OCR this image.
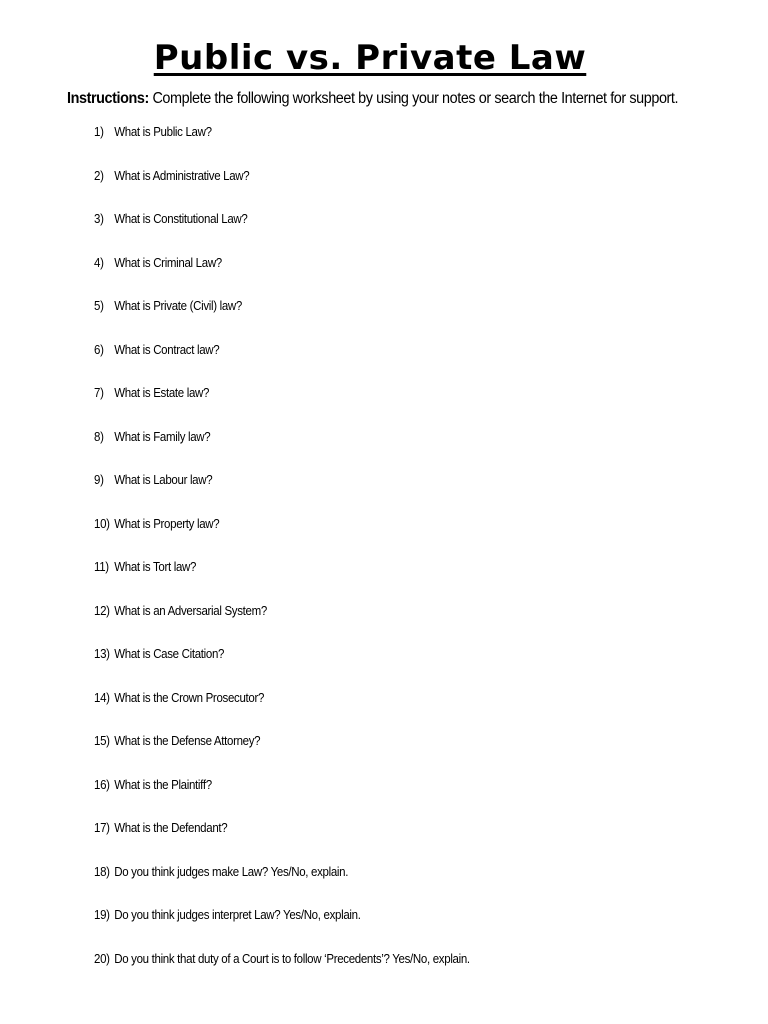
Public vs. Private Law
Instructions: Complete the following worksheet by using your notes or search the Internet for support.
1) What is Public Law?
2) What is Administrative Law?
3) What is Constitutional Law?
4) What is Criminal Law?
5) What is Private (Civil) law?
6) What is Contract law?
7) What is Estate law?
8) What is Family law?
9) What is Labour law?
10)What is Property law?
11) What is Tort law?
12) What is an Adversarial System?
13) What is Case Citation?
14) What is the Crown Prosecutor?
15) What is the Defense Attorney?
16) What is the Plaintiff?
17) What is the Defendant?
18) Do you think judges make Law? Yes/No, explain.
19) Do you think judges interpret Law? Yes/No, explain.
20) Do you think that duty of a Court is to follow ‘Precedents’? Yes/No, explain.
